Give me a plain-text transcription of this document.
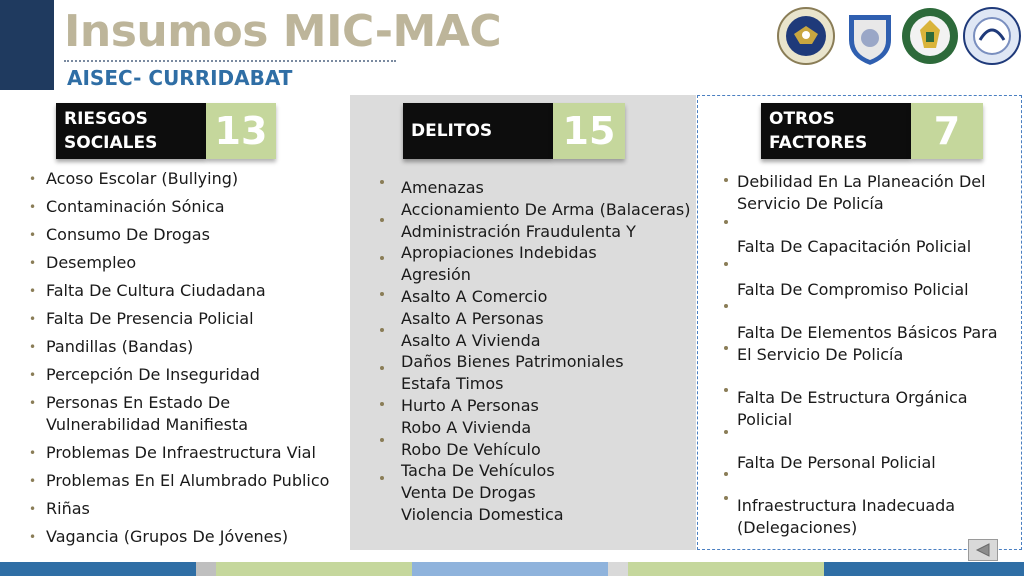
Insumos MIC-MAC
AISEC- CURRIDABAT
RIESGOS
SOCIALES 13	DELITOS	15	OTROS
FACTORES	7
• Acoso Escolar (Bullying)
• Contaminación Sónica
• Consumo De Drogas
• Desempleo
• Falta De Cultura Ciudadana
• Falta De Presencia Policial
• Pandillas (Bandas)
• Percepción De Inseguridad
• Personas En Estado De Vulnerabilidad Manifiesta
• Problemas De Infraestructura Vial
• Problemas En El Alumbrado Publico
• Riñas
• Vagancia (Grupos De Jóvenes)
Amenazas
Accionamiento De Arma (Balaceras)
Administración Fraudulenta Y
Apropiaciones Indebidas
Agresión
Asalto A Comercio
Asalto A Personas
Asalto A Vivienda
Daños Bienes Patrimoniales
Estafa Timos
Hurto A Personas
Robo A Vivienda
Robo De Vehículo
Tacha De Vehículos
Venta De Drogas
Violencia Domestica
Debilidad En La Planeación Del Servicio De Policía
Falta De Capacitación Policial
Falta De Compromiso Policial
Falta De Elementos Básicos Para El Servicio De Policía
Falta De Estructura Orgánica Policial
Falta De Personal Policial
Infraestructura Inadecuada (Delegaciones)
